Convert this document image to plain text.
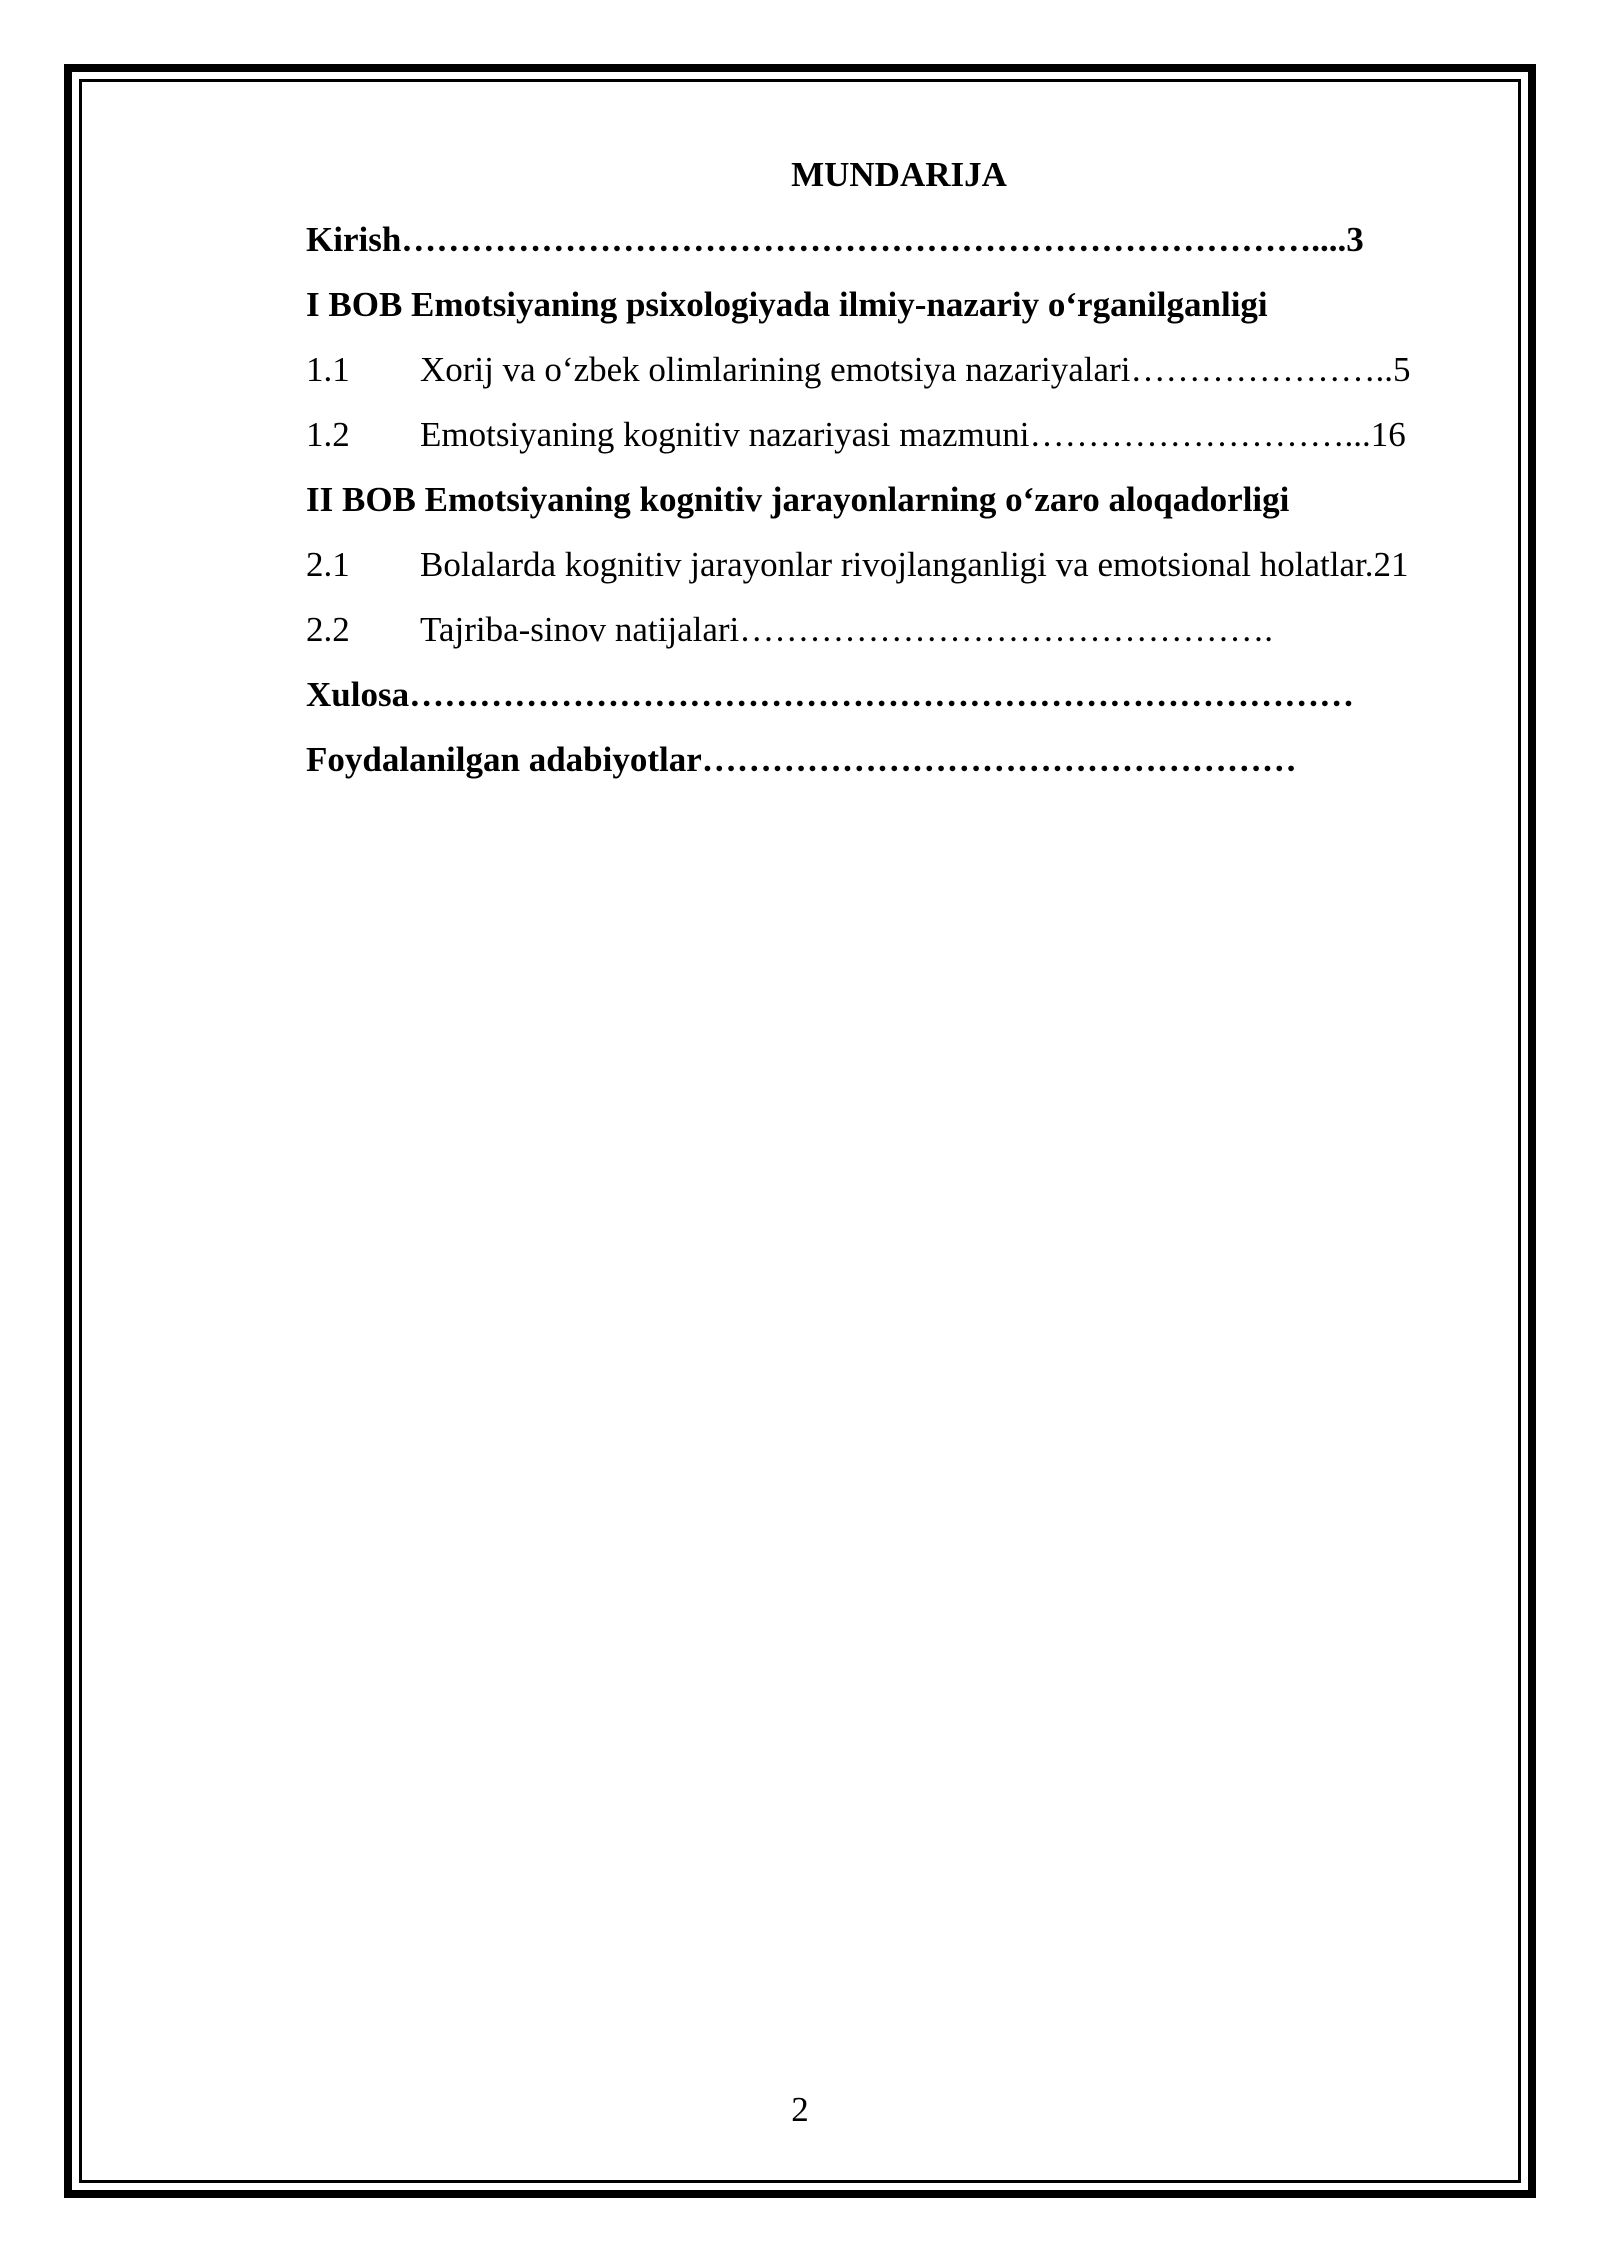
MUNDARIJA
Kirish……………………………………………………………………....3
I BOB Emotsiyaning psixologiyada ilmiy-nazariy o‘rganilganligi
1.1	Xorij va o‘zbek olimlarining emotsiya nazariyalari…………………..5
1.2	Emotsiyaning kognitiv nazariyasi mazmuni………………………...16
II BOB Emotsiyaning kognitiv jarayonlarning o‘zaro aloqadorligi
2.1	Bolalarda kognitiv jarayonlar rivojlanganligi va emotsional holatlar.21
2.2	Tajriba-sinov natijalari……………………………………….
Xulosa………………………………………………………………………
Foydalanilgan adabiyotlar……………………………………………
2
